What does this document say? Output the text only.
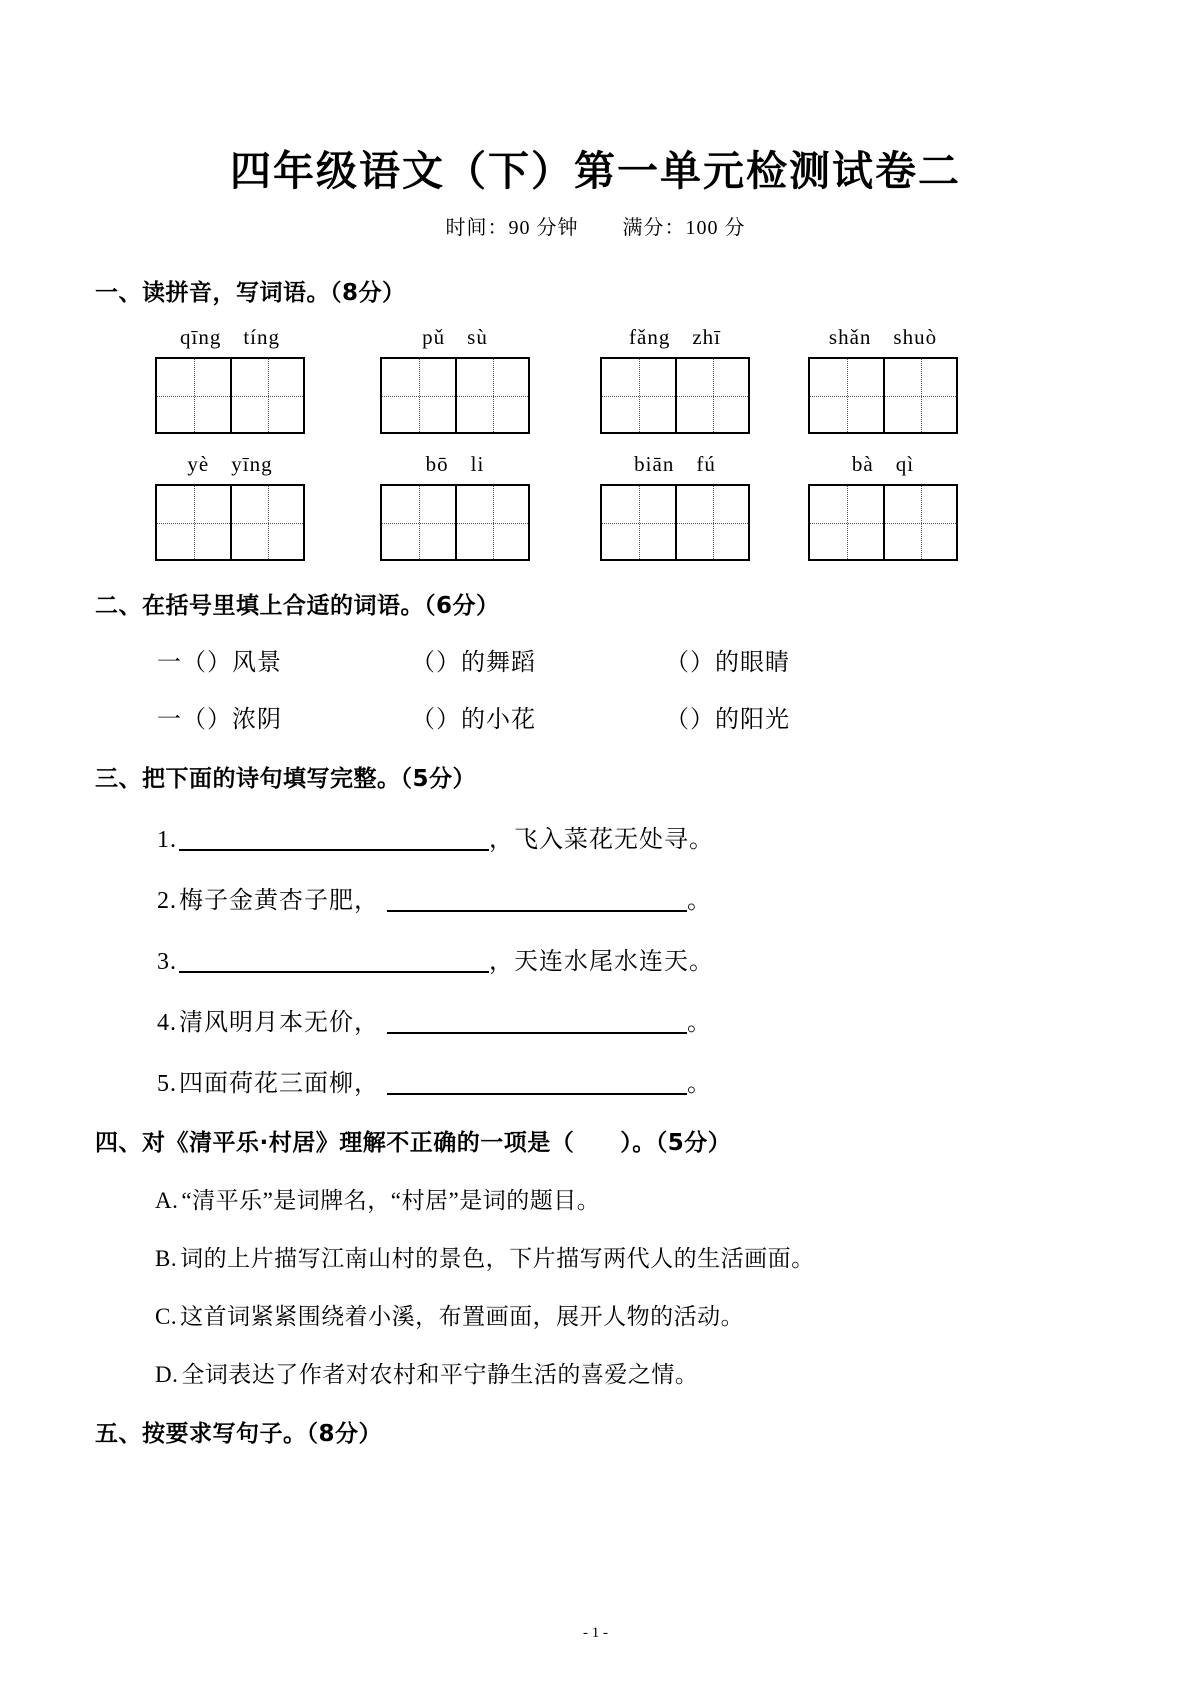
四年级语文（下）第一单元检测试卷二
时间：90 分钟 满分：100 分
一、读拼音，写词语。（8分）
qīng tíng	pǔ sù	fǎng zhī	shǎn shuò
yè yīng	bō li	biān fú	bà qì
二、在括号里填上合适的词语。（6分）
一（）风景	（）的舞蹈	（）的眼睛
一（）浓阴	（）的小花	（）的阳光
三、把下面的诗句填写完整。（5分）
1.	，飞入菜花无处寻。
2.梅子金黄杏子肥，	。
3.	，天连水尾水连天。
4.清风明月本无价，	。
5.四面荷花三面柳，	。
四、对《清平乐·村居》理解不正确的一项是（ ）。（5分）
A. “清平乐”是词牌名，“村居”是词的题目。
B. 词的上片描写江南山村的景色，下片描写两代人的生活画面。
C. 这首词紧紧围绕着小溪，布置画面，展开人物的活动。
D. 全词表达了作者对农村和平宁静生活的喜爱之情。
五、按要求写句子。（8分）
- 1 -
